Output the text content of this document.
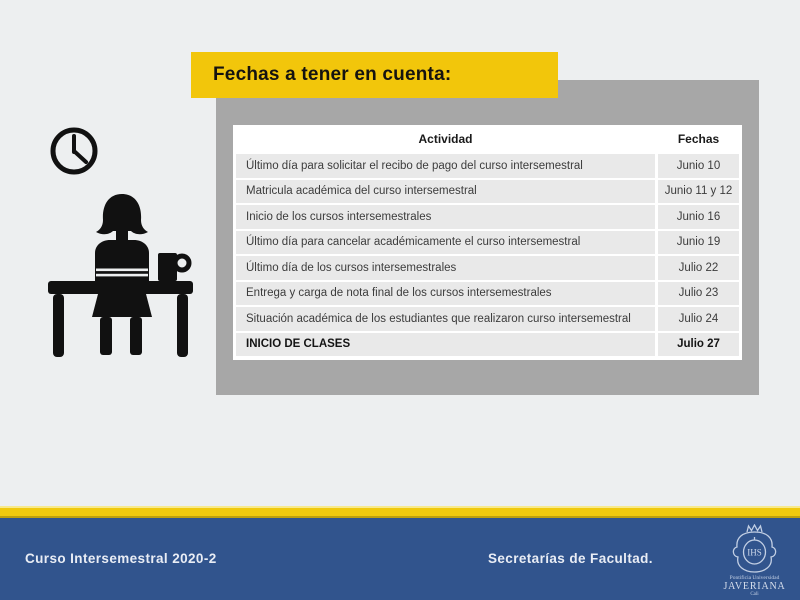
Fechas a tener en cuenta:
Actividad	Fechas
Último día para solicitar el recibo de pago del curso intersemestral	Junio 10
Matricula académica del curso intersemestral	Junio 11 y 12
Inicio de los cursos intersemestrales	Junio 16
Último día para cancelar académicamente el curso intersemestral	Junio 19
Último día de los cursos intersemestrales	Julio 22
Entrega y carga de nota final de los cursos intersemestrales	Julio 23
Situación académica de los estudiantes que realizaron curso intersemestral	Julio 24
INICIO DE CLASES	Julio 27
Curso Intersemestral 2020-2	Secretarías de Facultad.	IHS
Pontificia Universidad
JAVERIANA
Cali
